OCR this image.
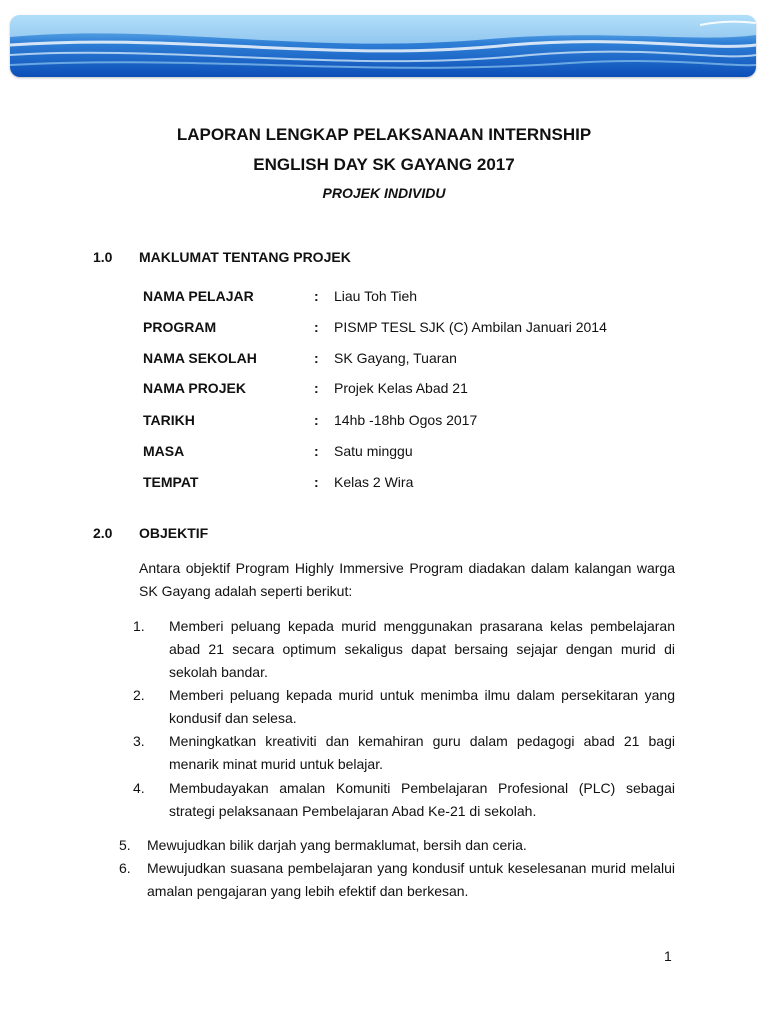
LAPORAN LENGKAP PELAKSANAAN INTERNSHIP
ENGLISH DAY SK GAYANG 2017
PROJEK INDIVIDU
1.0 MAKLUMAT TENTANG PROJEK
NAMA PELAJAR	: Liau Toh Tieh
PROGRAM	: PISMP TESL SJK (C) Ambilan Januari 2014
NAMA SEKOLAH	: SK Gayang, Tuaran
NAMA PROJEK	: Projek Kelas Abad 21
TARIKH	: 14hb -18hb Ogos 2017
MASA	: Satu minggu
TEMPAT	: Kelas 2 Wira
2.0 OBJEKTIF
Antara objektif Program Highly Immersive Program diadakan dalam kalangan warga SK Gayang adalah seperti berikut:
1. Memberi peluang kepada murid menggunakan prasarana kelas pembelajaran abad 21 secara optimum sekaligus dapat bersaing sejajar dengan murid di sekolah bandar.
2. Memberi peluang kepada murid untuk menimba ilmu dalam persekitaran yang kondusif dan selesa.
3. Meningkatkan kreativiti dan kemahiran guru dalam pedagogi abad 21 bagi menarik minat murid untuk belajar.
4. Membudayakan amalan Komuniti Pembelajaran Profesional (PLC) sebagai strategi pelaksanaan Pembelajaran Abad Ke-21 di sekolah.
5. Mewujudkan bilik darjah yang bermaklumat, bersih dan ceria.
6. Mewujudkan suasana pembelajaran yang kondusif untuk keselesanan murid melalui amalan pengajaran yang lebih efektif dan berkesan.
1
